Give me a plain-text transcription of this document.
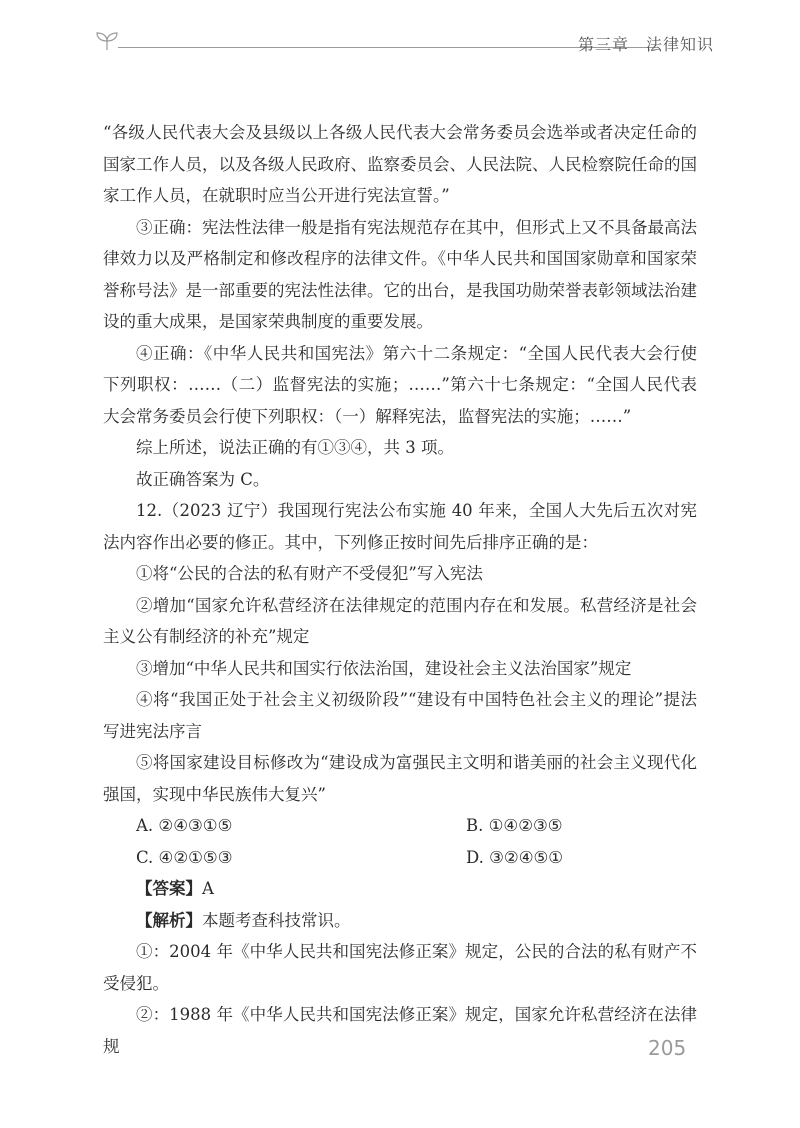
第三章　法律知识

“各级人民代表大会及县级以上各级人民代表大会常务委员会选举或者决定任命的国家工作人员，以及各级人民政府、监察委员会、人民法院、人民检察院任命的国家工作人员，在就职时应当公开进行宪法宣誓。”

③正确：宪法性法律一般是指有宪法规范存在其中，但形式上又不具备最高法律效力以及严格制定和修改程序的法律文件。《中华人民共和国国家勋章和国家荣誉称号法》是一部重要的宪法性法律。它的出台，是我国功勋荣誉表彰领域法治建设的重大成果，是国家荣典制度的重要发展。

④正确：《中华人民共和国宪法》第六十二条规定：“全国人民代表大会行使下列职权：……（二）监督宪法的实施；……”第六十七条规定：“全国人民代表大会常务委员会行使下列职权：（一）解释宪法，监督宪法的实施；……”

综上所述，说法正确的有①③④，共 3 项。

故正确答案为 C。

12.（2023 辽宁）我国现行宪法公布实施 40 年来，全国人大先后五次对宪法内容作出必要的修正。其中，下列修正按时间先后排序正确的是：

①将“公民的合法的私有财产不受侵犯”写入宪法

②增加“国家允许私营经济在法律规定的范围内存在和发展。私营经济是社会主义公有制经济的补充”规定

③增加“中华人民共和国实行依法治国，建设社会主义法治国家”规定

④将“我国正处于社会主义初级阶段”“建设有中国特色社会主义的理论”提法写进宪法序言

⑤将国家建设目标修改为“建设成为富强民主文明和谐美丽的社会主义现代化强国，实现中华民族伟大复兴”

A. ②④③①⑤	B. ①④②③⑤
C. ④②①⑤③	D. ③②④⑤①

【答案】A

【解析】本题考查科技常识。

①：2004 年《中华人民共和国宪法修正案》规定，公民的合法的私有财产不受侵犯。

②：1988 年《中华人民共和国宪法修正案》规定，国家允许私营经济在法律规	205
